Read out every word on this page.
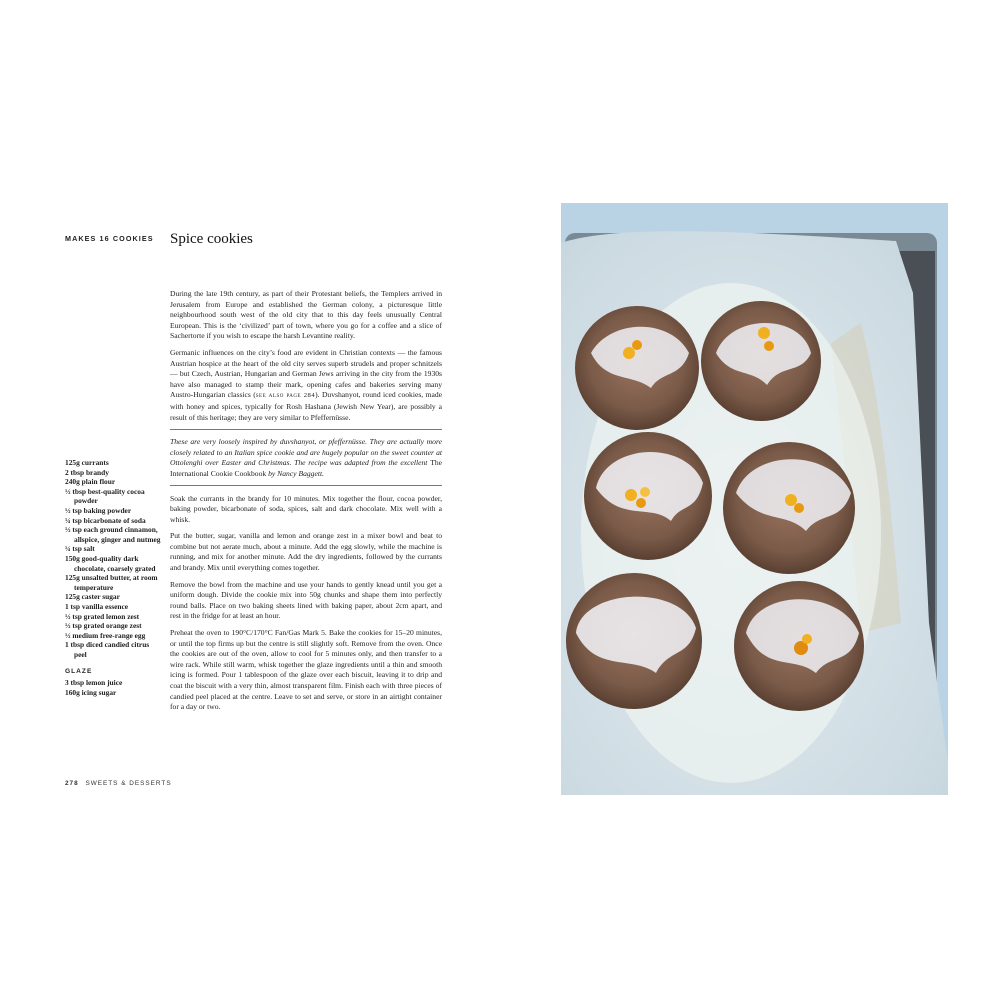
MAKES 16 COOKIES Spice cookies

During the late 19th century, as part of their Protestant beliefs, the Templers arrived in Jerusalem from Europe and established the German colony, a picturesque little neighbourhood south west of the old city that to this day feels unusually Central European. This is the ‘civilized’ part of town, where you go for a coffee and a slice of Sachertorte if you wish to escape the harsh Levantine reality.

Germanic influences on the city’s food are evident in Christian contexts — the famous Austrian hospice at the heart of the old city serves superb strudels and proper schnitzels — but Czech, Austrian, Hungarian and German Jews arriving in the city from the 1930s have also managed to stamp their mark, opening cafes and bakeries serving many Austro-Hungarian classics (see also page 284). Duvshanyot, round iced cookies, made with honey and spices, typically for Rosh Hashana (Jewish New Year), are possibly a result of this heritage; they are very similar to Pfeffernüsse.

These are very loosely inspired by duvshanyot, or pfeffernüsse. They are actually more closely related to an Italian spice cookie and are hugely popular on the sweet counter at Ottolenghi over Easter and Christmas. The recipe was adapted from the excellent The International Cookie Cookbook by Nancy Baggett.

Soak the currants in the brandy for 10 minutes. Mix together the flour, cocoa powder, baking powder, bicarbonate of soda, spices, salt and dark chocolate. Mix well with a whisk.

Put the butter, sugar, vanilla and lemon and orange zest in a mixer bowl and beat to combine but not aerate much, about a minute. Add the egg slowly, while the machine is running, and mix for another minute. Add the dry ingredients, followed by the currants and brandy. Mix until everything comes together.

Remove the bowl from the machine and use your hands to gently knead until you get a uniform dough. Divide the cookie mix into 50g chunks and shape them into perfectly round balls. Place on two baking sheets lined with baking paper, about 2cm apart, and rest in the fridge for at least an hour.

Preheat the oven to 190°C/170°C Fan/Gas Mark 5. Bake the cookies for 15–20 minutes, or until the top firms up but the centre is still slightly soft. Remove from the oven. Once the cookies are out of the oven, allow to cool for 5 minutes only, and then transfer to a wire rack. While still warm, whisk together the glaze ingredients until a thin and smooth icing is formed. Pour 1 tablespoon of the glaze over each biscuit, leaving it to drip and coat the biscuit with a very thin, almost transparent film. Finish each with three pieces of candied peel placed at the centre. Leave to set and serve, or store in an airtight container for a day or two.

125g currants
2 tbsp brandy
240g plain flour
½ tbsp best-quality cocoa powder
½ tsp baking powder
¼ tsp bicarbonate of soda
½ tsp each ground cinnamon, allspice, ginger and nutmeg
¼ tsp salt
150g good-quality dark chocolate, coarsely grated
125g unsalted butter, at room temperature
125g caster sugar
1 tsp vanilla essence
½ tsp grated lemon zest
½ tsp grated orange zest
½ medium free-range egg
1 tbsp diced candied citrus peel
GLAZE
3 tbsp lemon juice
160g icing sugar
278 SWEETS & DESSERTS
